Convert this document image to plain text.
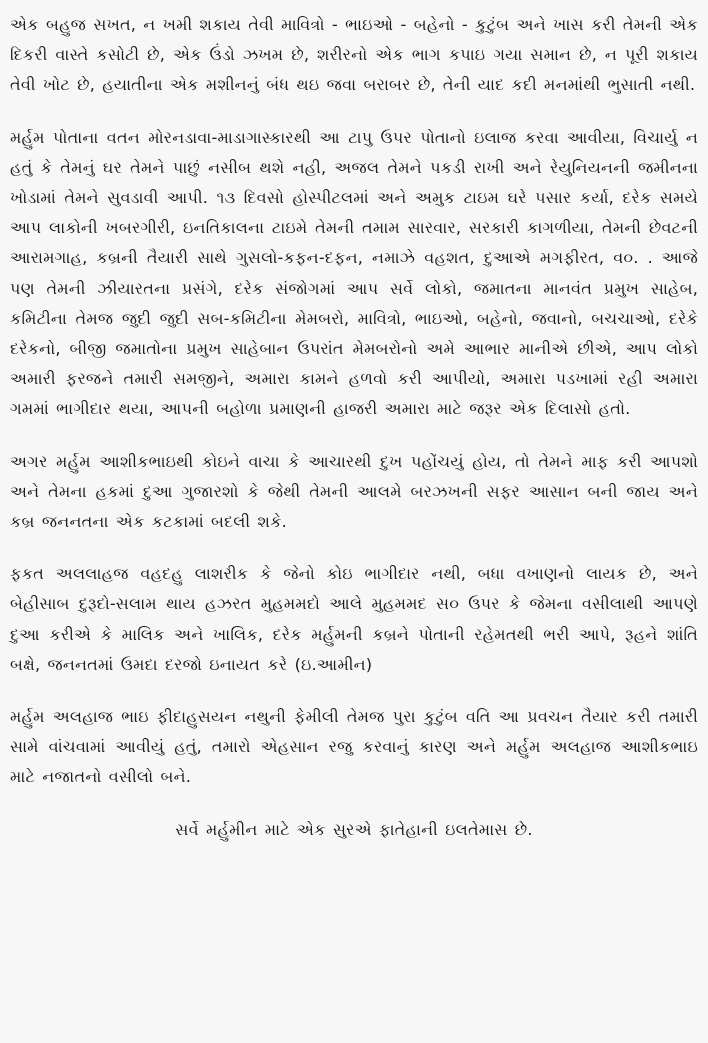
એક બહુજ સખત, ન ખમી શકાય તેવી માવિત્રો - ભાઇઓ - બહેનો - કુટુંબ અને ખાસ કરી તેમની એક દિકરી વાસ્તે કસોટી છે, એક ઉંડો ઝખમ છે, શરીરનો એક ભાગ કપાઇ ગયા સમાન છે, ન પૂરી શકાય તેવી ખોટ છે, હયાતીના એક મશીનનું બંધ થઇ જવા બરાબર છે, તેની યાદ કદી મનમાંથી ભુસાતી નથી.

મર્હુમ પોતાના વતન મોરનડાવા-માડાગાસ્કારથી આ ટાપુ ઉપર પોતાનો ઇલાજ કરવા આવીયા, વિચાર્યુ ન હતું કે તેમનું ઘર તેમને પાછું નસીબ થશે નહી, અજલ તેમને પકડી રાખી અને રેયુનિયનની જમીનના ખોડામાં તેમને સુવડાવી આપી. ૧૩ દિવસો હોસ્પીટલમાં અને અમુક ટાઇમ ઘરે પસાર કર્યા, દરેક સમયે આપ લાકોની ખબરગીરી, ઇનતિકાલના ટાઇમે તેમની તમામ સારવાર, સરકારી કાગળીયા, તેમની છેવટની આરામગાહ, કબ્રની તૈયારી સાથે ગુસલો-કફન-દફન, નમાઝે વહશત, દુઆએ મગફીરત, વ૦. . આજે પણ તેમની ઝીયારતના પ્રસંગે, દરેક સંજોગમાં આપ સર્વે લોકો, જમાતના માનવંત પ્રમુખ સાહેબ, કમિટીના તેમજ જુદી જુદી સબ-કમિટીના મેમબરો, માવિત્રો, ભાઇઓ, બહેનો, જવાનો, બચચાઓ, દરેકે દરેકનો, બીજી જમાતોના પ્રમુખ સાહેબાન ઉપરાંત મેમબરોનો અમે આભાર માનીએ છીએ, આપ લોકો અમારી ફરજને તમારી સમજીને, અમારા કામને હળવો કરી આપીયો, અમારા પડખામાં રહી અમારા ગમમાં ભાગીદાર થયા, આપની બહોળા પ્રમાણની હાજરી અમારા માટે જરૂર એક દિલાસો હતો.

અગર મર્હુમ આશીકભાઇથી કોઇને વાચા કે આચારથી દુખ પહોંચયું હોય, તો તેમને માફ કરી આપશો અને તેમના હકમાં દુઆ ગુજારશો કે જેથી તેમની આલમે બરઝખની સફર આસાન બની જાય અને કબ્ર જનનતના એક કટકામાં બદલી શકે.

ફકત અલલાહજ વહદહુ લાશરીક કે જેનો કોઇ ભાગીદાર નથી, બધા વખાણનો લાયક છે, અને બેહીસાબ દુરૂદો-સલામ થાય હઝરત મુહમમદો આલે મુહમમદ સ૦ ઉપર કે જેમના વસીલાથી આપણે દુઆ કરીએ કે માલિક અને ખાલિક, દરેક મર્હુમની કબ્રને પોતાની રહેમતથી ભરી આપે, રૂહને શાંતિ બક્ષે, જનનતમાં ઉમદા દરજો ઇનાયત કરે (ઇ.આમીન)

મર્હુમ અલહાજ ભાઇ ફીદાહુસયન નથુની ફેમીલી તેમજ પુરા કુટુંબ વતિ આ પ્રવચન તૈયાર કરી તમારી સામે વાંચવામાં આવીયું હતું, તમારો એહસાન રજુ કરવાનું કારણ અને મર્હુમ અલહાજ આશીકભાઇ માટે નજાતનો વસીલો બને.

સર્વે મર્હુમીન માટે એક સુરએ ફાતેહાની ઇલતેમાસ છે.
